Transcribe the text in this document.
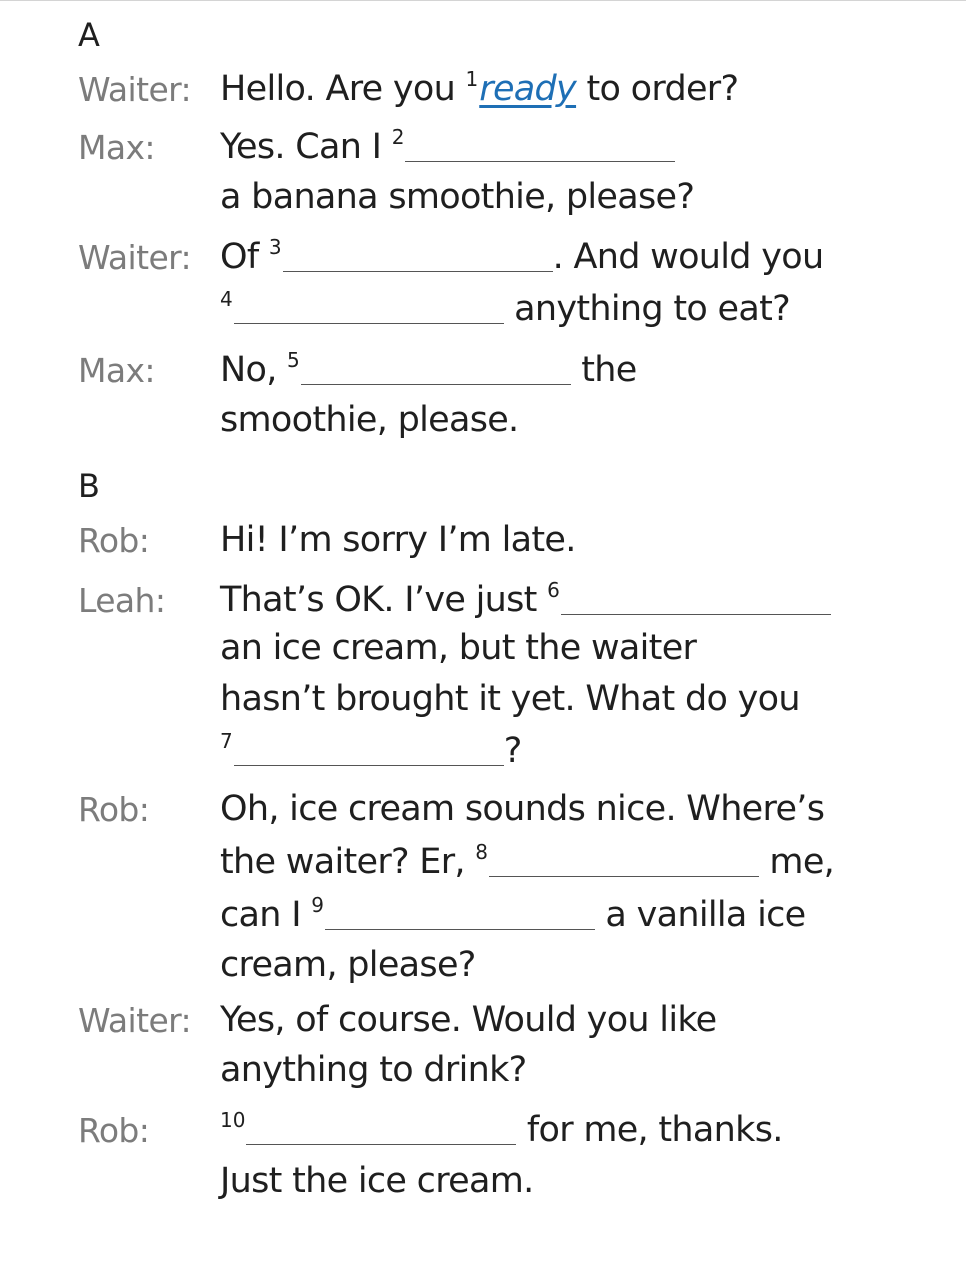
A
Waiter: Hello. Are you 1ready to order?
Max: Yes. Can I 2
a banana smoothie, please?
Waiter: Of 3	. And would you
4	anything to eat?
Max: No, 5	the
smoothie, please.
B
Rob: Hi! I’m sorry I’m late.
Leah: That’s OK. I’ve just 6
an ice cream, but the waiter
hasn’t brought it yet. What do you
7	?
Rob: Oh, ice cream sounds nice. Where’s
the waiter? Er, 8	me,
can I 9	a vanilla ice
cream, please?
Waiter: Yes, of course. Would you like
anything to drink?
Rob:	10	for me, thanks.
Just the ice cream.
